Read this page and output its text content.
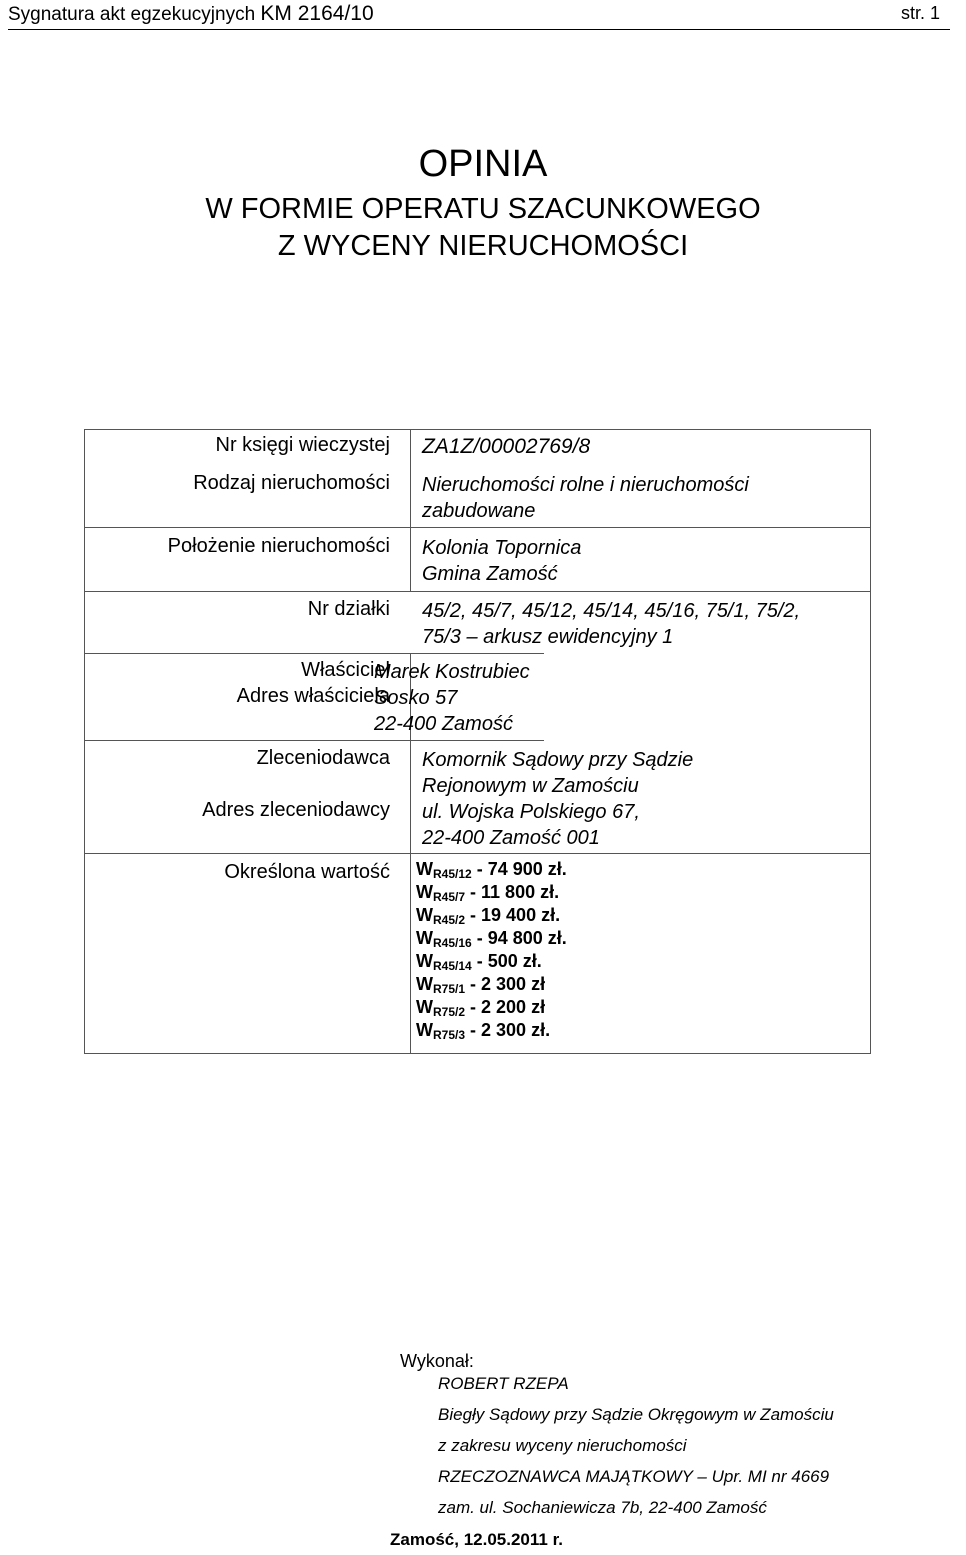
Sygnatura akt egzekucyjnych KM 2164/10	str. 1
OPINIA
W FORMIE OPERATU SZACUNKOWEGO
Z WYCENY NIERUCHOMOŚCI
Nr księgi wieczystej ZA1Z/00002769/8
Rodzaj nieruchomości Nieruchomości rolne i nieruchomości
zabudowane
Położenie nieruchomości Kolonia Topornica
Gmina Zamość
Nr działki 45/2, 45/7, 45/12, 45/14, 45/16, 75/1, 75/2,
75/3 – arkusz ewidencyjny 1
Właściciel
Adres właściciela
Marek Kostrubiec
Sosko 57
22-400 Zamość
Zleceniodawca
Adres zleceniodawcy
Komornik Sądowy przy Sądzie
Rejonowym w Zamościu
ul. Wojska Polskiego 67,
22-400 Zamość 001
Określona wartość $W_{R45/12} - 74$ 900 zł.
$W_{R45/7} - 11$ 800 zł.
$W_{R45/2} - 19$ 400 zł.
$W_{R45/16} - 94$ 800 zł.
$W_{R45/14} - 500$ zł.
$W_{R75/1} - 2$ 300 zł
$W_{R75/2} - 2$ 200 zł
$W_{R75/3} - 2$ 300 zł.
Wykonał:
ROBERT RZEPA
Biegły Sądowy przy Sądzie Okręgowym w Zamościu
z zakresu wyceny nieruchomości
RZECZOZNAWCA MAJĄTKOWY – Upr. MI nr 4669
zam. ul. Sochaniewicza 7b, 22-400 Zamość
Zamość, 12.05.2011 r.
